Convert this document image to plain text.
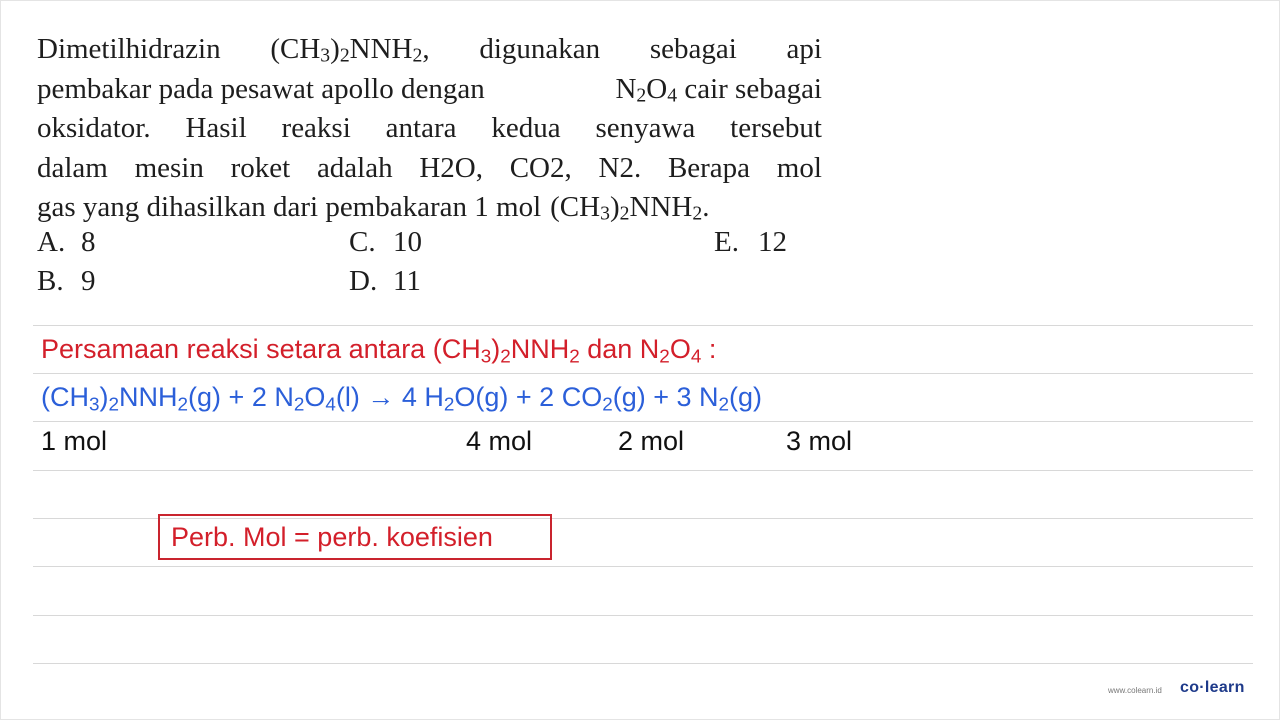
Dimetilhidrazin $(CH_3)_2NNH_2$, digunakan sebagai api
pembakar pada pesawat apollo dengan	$N_2O_4$ cair sebagai
oksidator. Hasil reaksi antara kedua senyawa tersebut
dalam mesin roket adalah H2O, CO2, N2. Berapa mol
gas yang dihasilkan dari pembakaran 1 mol $(CH_3)_2NNH_2$.
A. 8
B. 9
C. 10
D. 11
E. 12
Persamaan reaksi setara antara $(CH_3)_2NNH_2$ dan $N_2O_4$ :
$(CH_3)_2NNH_2(g) + 2$ $N_2O_4(l) \to 4$ $H_2O(g) + 2$ $CO_2(g) + 3$ $N_2(g)$
1 mol	4 mol	2 mol	3 mol
Perb. Mol = perb. koefisien
www.colearn.id co·learn
